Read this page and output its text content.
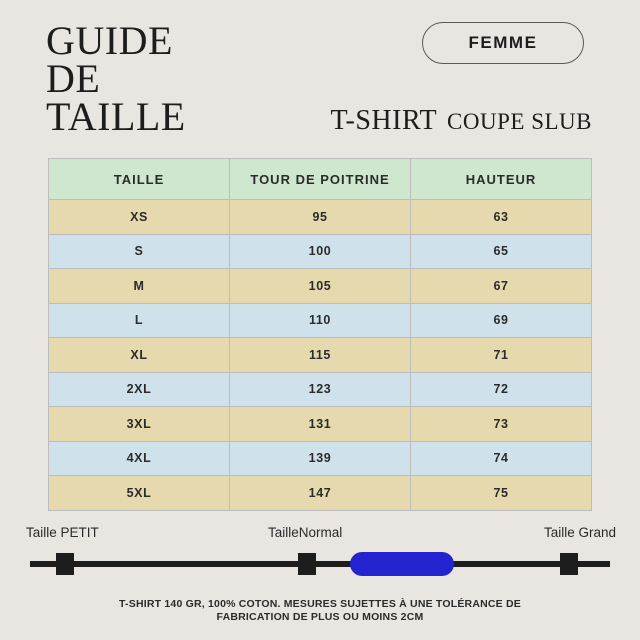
GUIDE
DE
TAILLE
FEMME
T-SHIRT COUPE SLUB
TAILLE	TOUR DE POITRINE	HAUTEUR
XS	95	63
S	100	65
M	105	67
L	110	69
XL	115	71
2XL	123	72
3XL	131	73
4XL	139	74
5XL	147	75
Taille PETIT	TailleNormal	Taille Grand
T-SHIRT 140 GR, 100% COTON. MESURES SUJETTES À UNE TOLÉRANCE DE
FABRICATION DE PLUS OU MOINS 2CM
